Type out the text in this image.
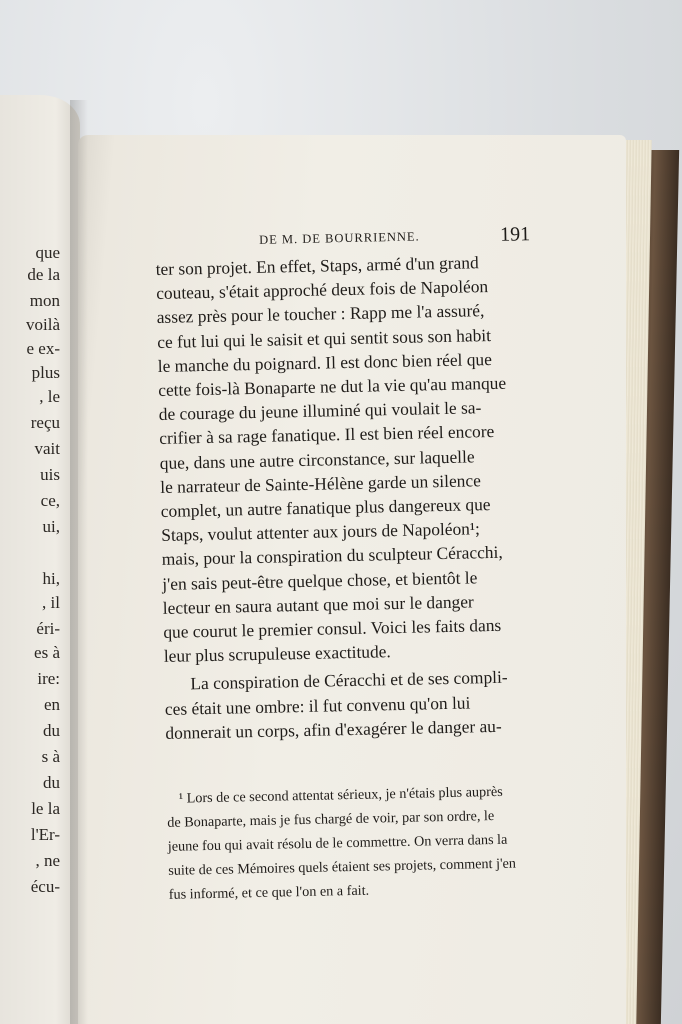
que
de la
mon
voilà
e ex-
plus
, le
reçu
vait
uis
ce,
ui,
hi,
, il
éri-
es à
ire:
en
du
s à
du
le la
l'Er-
, ne
écu-
DE M. DE BOURRIENNE.	191
ter son projet. En effet, Staps, armé d'un grand
couteau, s'était approché deux fois de Napoléon
assez près pour le toucher : Rapp me l'a assuré,
ce fut lui qui le saisit et qui sentit sous son habit
le manche du poignard. Il est donc bien réel que
cette fois-là Bonaparte ne dut la vie qu'au manque
de courage du jeune illuminé qui voulait le sa-
crifier à sa rage fanatique. Il est bien réel encore
que, dans une autre circonstance, sur laquelle
le narrateur de Sainte-Hélène garde un silence
complet, un autre fanatique plus dangereux que
Staps, voulut attenter aux jours de Napoléon¹;
mais, pour la conspiration du sculpteur Céracchi,
j'en sais peut-être quelque chose, et bientôt le
lecteur en saura autant que moi sur le danger
que courut le premier consul. Voici les faits dans
leur plus scrupuleuse exactitude.
La conspiration de Céracchi et de ses compli-
ces était une ombre: il fut convenu qu'on lui
donnerait un corps, afin d'exagérer le danger au-
¹ Lors de ce second attentat sérieux, je n'étais plus auprès
de Bonaparte, mais je fus chargé de voir, par son ordre, le
jeune fou qui avait résolu de le commettre. On verra dans la
suite de ces Mémoires quels étaient ses projets, comment j'en
fus informé, et ce que l'on en a fait.
